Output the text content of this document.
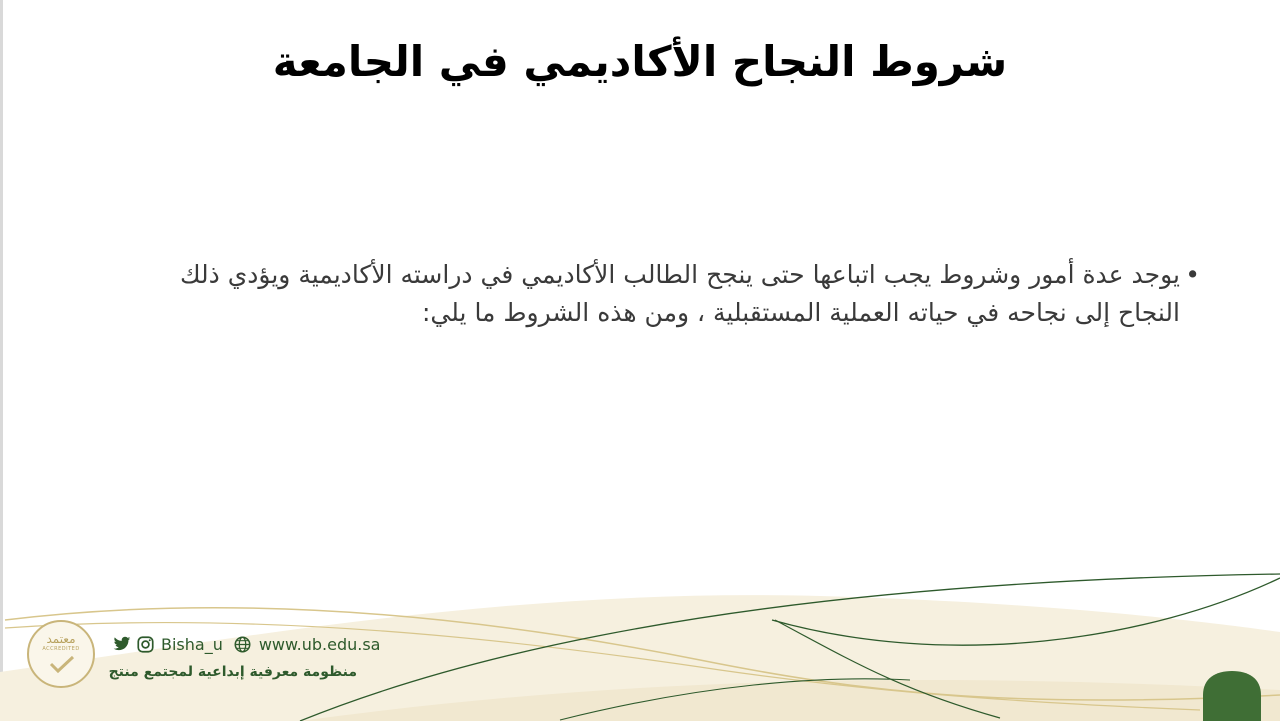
شروط النجاح الأكاديمي في الجامعة
•
يوجد عدة أمور وشروط يجب اتباعها حتى ينجح الطالب الأكاديمي في دراسته الأكاديمية ويؤدي ذلك النجاح إلى نجاحه في حياته العملية المستقبلية ، ومن هذه الشروط ما يلي:
معتمد
ACCREDITED	Bisha_u www.ub.edu.sa
منظومة معرفية إبداعية لمجتمع منتج
